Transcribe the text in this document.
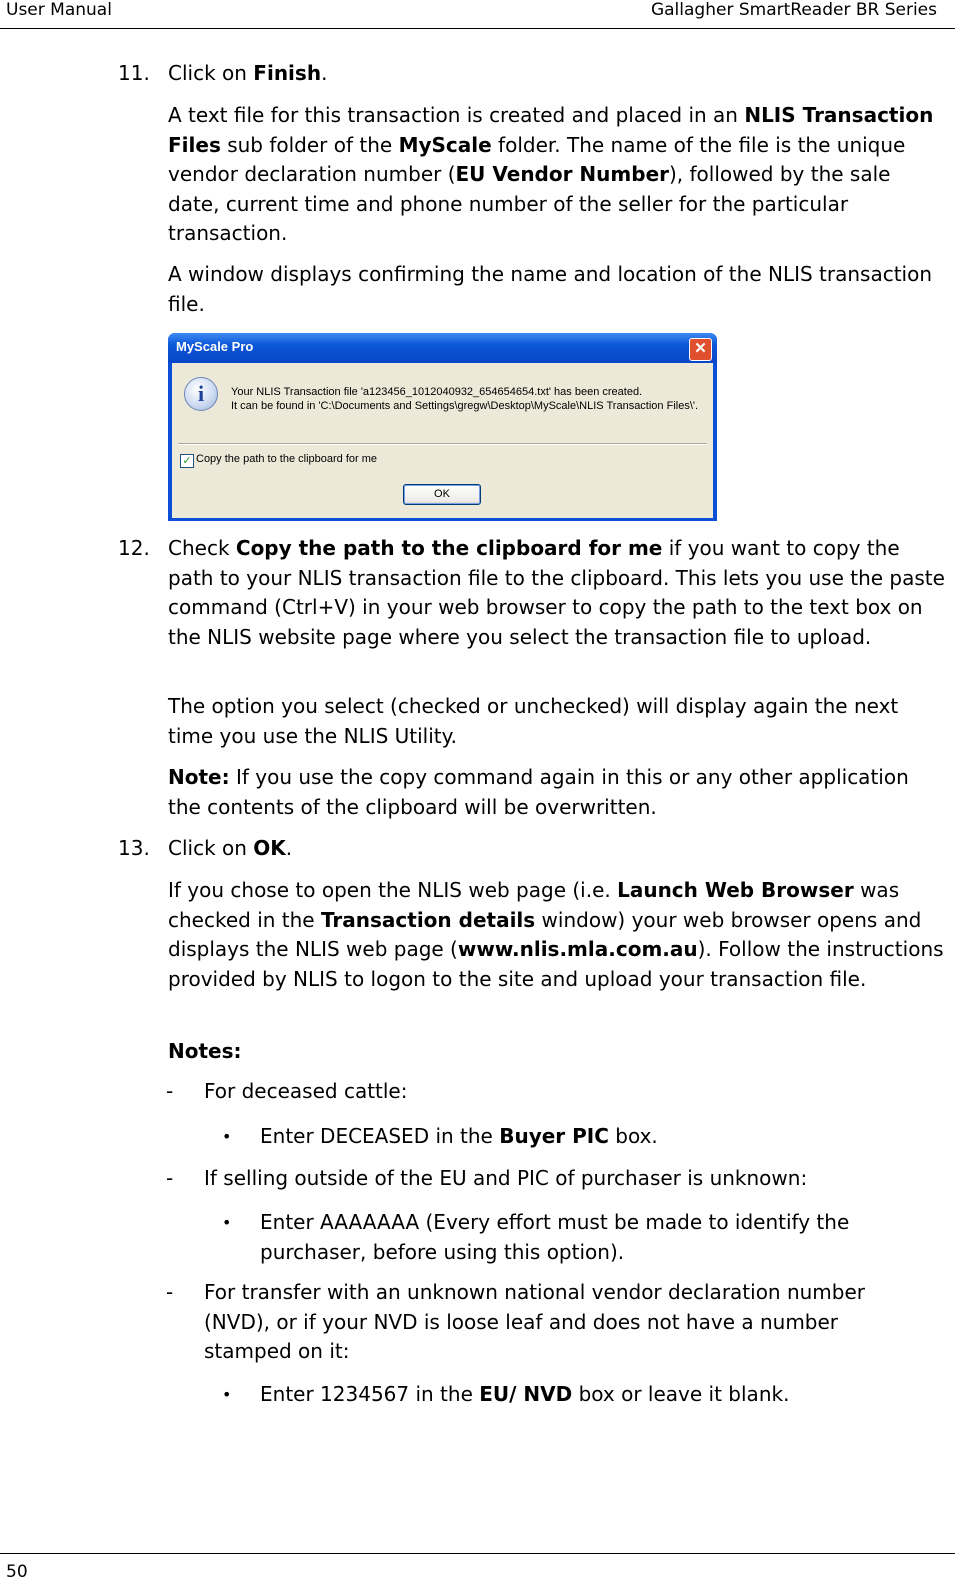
User Manual	Gallagher SmartReader BR Series
11. Click on Finish.
A text file for this transaction is created and placed in an NLIS Transaction Files sub folder of the MyScale folder. The name of the file is the unique vendor declaration number (EU Vendor Number), followed by the sale date, current time and phone number of the seller for the particular transaction.
A window displays confirming the name and location of the NLIS transaction file.
MyScale Pro	✕
i	Your NLIS Transaction file 'a123456_1012040932_654654654.txt' has been created.
It can be found in 'C:\Documents and Settings\gregw\Desktop\MyScale\NLIS Transaction Files\'.
✓ Copy the path to the clipboard for me
OK
12. Check Copy the path to the clipboard for me if you want to copy the path to your NLIS transaction file to the clipboard. This lets you use the paste command (Ctrl+V) in your web browser to copy the path to the text box on the NLIS website page where you select the transaction file to upload.
The option you select (checked or unchecked) will display again the next time you use the NLIS Utility.
Note: If you use the copy command again in this or any other application the contents of the clipboard will be overwritten.
13. Click on OK.
If you chose to open the NLIS web page (i.e. Launch Web Browser was checked in the Transaction details window) your web browser opens and displays the NLIS web page (www.nlis.mla.com.au). Follow the instructions provided by NLIS to logon to the site and upload your transaction file.
Notes:
- For deceased cattle:
• Enter DECEASED in the Buyer PIC box.
- If selling outside of the EU and PIC of purchaser is unknown:
• Enter AAAAAAA (Every effort must be made to identify the purchaser, before using this option).
- For transfer with an unknown national vendor declaration number (NVD), or if your NVD is loose leaf and does not have a number stamped on it:
• Enter 1234567 in the EU/ NVD box or leave it blank.
50
